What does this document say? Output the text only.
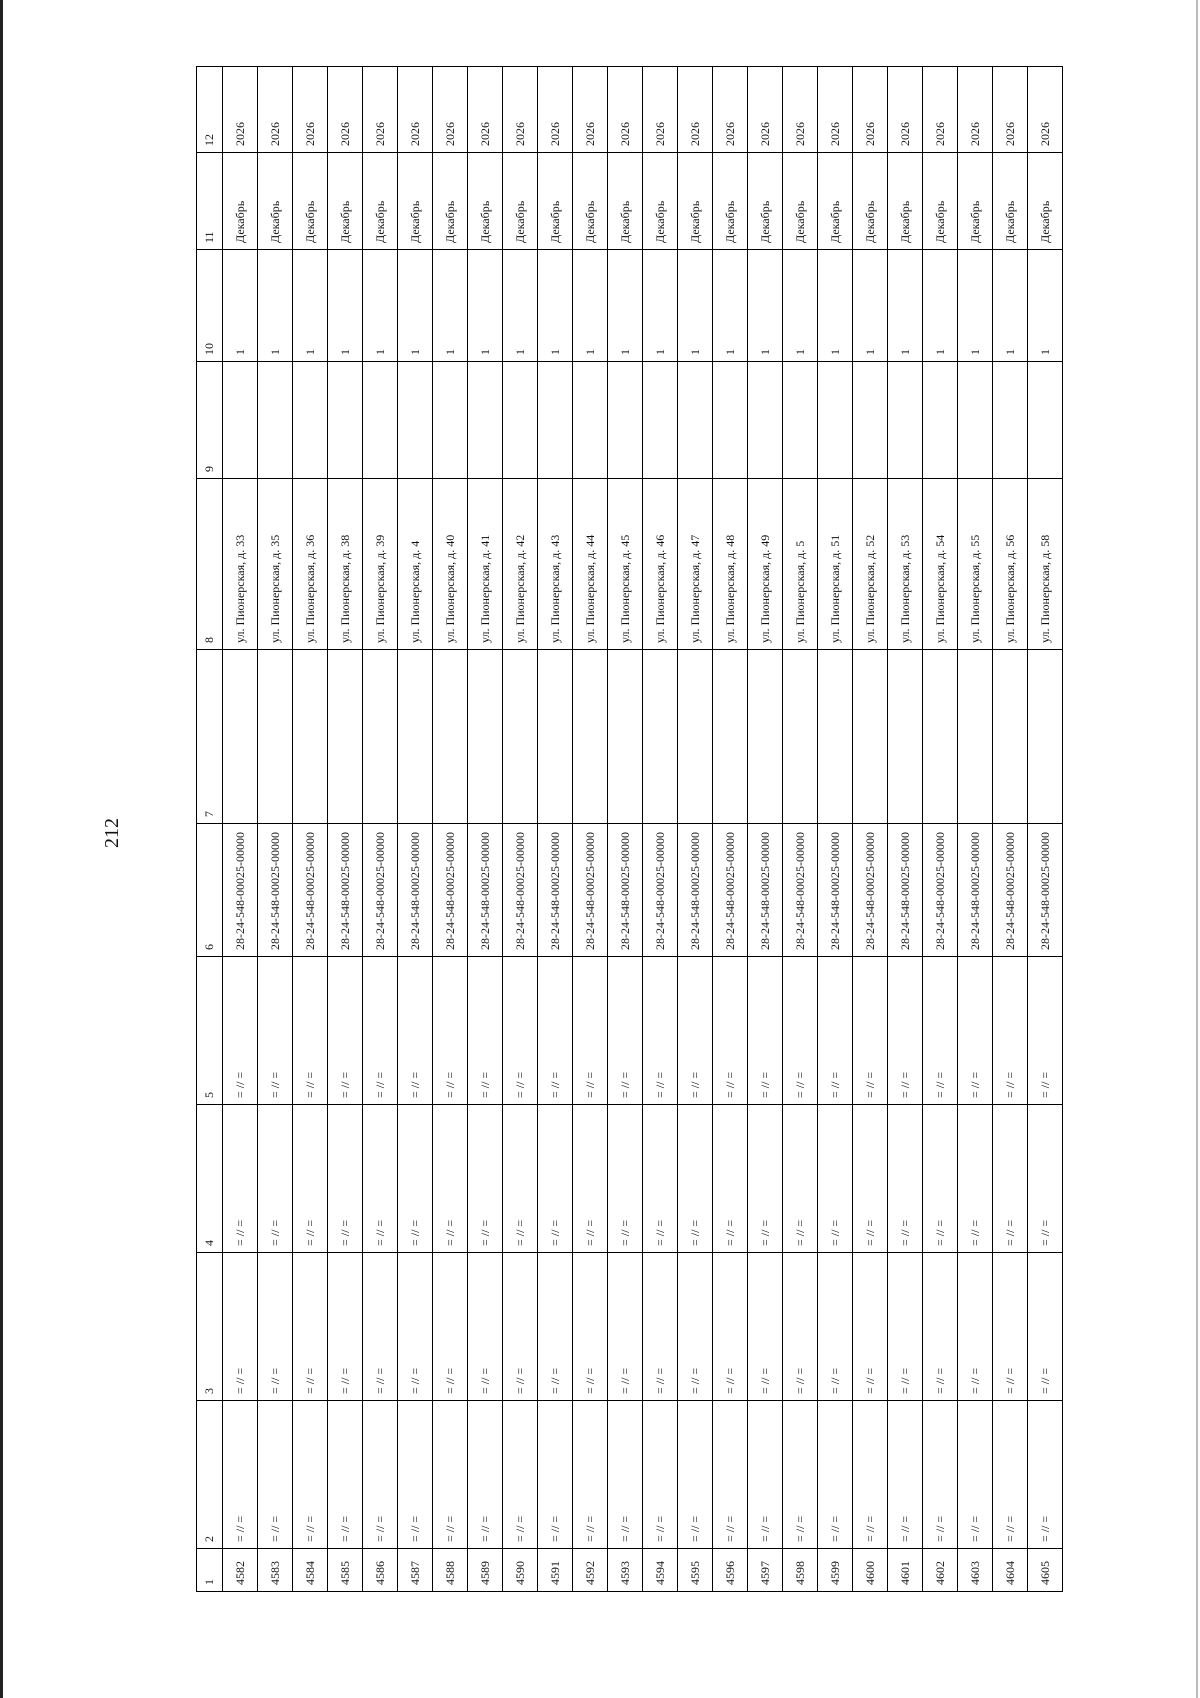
212
1	2	3	4	5	6	7	8	9	10	11	12
4582	= // =	= // =	= // =	= // =	28-24-548-00025-00000		ул. Пионерская, д. 33		1	Декабрь	2026
4583	= // =	= // =	= // =	= // =	28-24-548-00025-00000		ул. Пионерская, д. 35		1	Декабрь	2026
4584	= // =	= // =	= // =	= // =	28-24-548-00025-00000		ул. Пионерская, д. 36		1	Декабрь	2026
4585	= // =	= // =	= // =	= // =	28-24-548-00025-00000		ул. Пионерская, д. 38		1	Декабрь	2026
4586	= // =	= // =	= // =	= // =	28-24-548-00025-00000		ул. Пионерская, д. 39		1	Декабрь	2026
4587	= // =	= // =	= // =	= // =	28-24-548-00025-00000		ул. Пионерская, д. 4		1	Декабрь	2026
4588	= // =	= // =	= // =	= // =	28-24-548-00025-00000		ул. Пионерская, д. 40		1	Декабрь	2026
4589	= // =	= // =	= // =	= // =	28-24-548-00025-00000		ул. Пионерская, д. 41		1	Декабрь	2026
4590	= // =	= // =	= // =	= // =	28-24-548-00025-00000		ул. Пионерская, д. 42		1	Декабрь	2026
4591	= // =	= // =	= // =	= // =	28-24-548-00025-00000		ул. Пионерская, д. 43		1	Декабрь	2026
4592	= // =	= // =	= // =	= // =	28-24-548-00025-00000		ул. Пионерская, д. 44		1	Декабрь	2026
4593	= // =	= // =	= // =	= // =	28-24-548-00025-00000		ул. Пионерская, д. 45		1	Декабрь	2026
4594	= // =	= // =	= // =	= // =	28-24-548-00025-00000		ул. Пионерская, д. 46		1	Декабрь	2026
4595	= // =	= // =	= // =	= // =	28-24-548-00025-00000		ул. Пионерская, д. 47		1	Декабрь	2026
4596	= // =	= // =	= // =	= // =	28-24-548-00025-00000		ул. Пионерская, д. 48		1	Декабрь	2026
4597	= // =	= // =	= // =	= // =	28-24-548-00025-00000		ул. Пионерская, д. 49		1	Декабрь	2026
4598	= // =	= // =	= // =	= // =	28-24-548-00025-00000		ул. Пионерская, д. 5		1	Декабрь	2026
4599	= // =	= // =	= // =	= // =	28-24-548-00025-00000		ул. Пионерская, д. 51		1	Декабрь	2026
4600	= // =	= // =	= // =	= // =	28-24-548-00025-00000		ул. Пионерская, д. 52		1	Декабрь	2026
4601	= // =	= // =	= // =	= // =	28-24-548-00025-00000		ул. Пионерская, д. 53		1	Декабрь	2026
4602	= // =	= // =	= // =	= // =	28-24-548-00025-00000		ул. Пионерская, д. 54		1	Декабрь	2026
4603	= // =	= // =	= // =	= // =	28-24-548-00025-00000		ул. Пионерская, д. 55		1	Декабрь	2026
4604	= // =	= // =	= // =	= // =	28-24-548-00025-00000		ул. Пионерская, д. 56		1	Декабрь	2026
4605	= // =	= // =	= // =	= // =	28-24-548-00025-00000		ул. Пионерская, д. 58		1	Декабрь	2026
